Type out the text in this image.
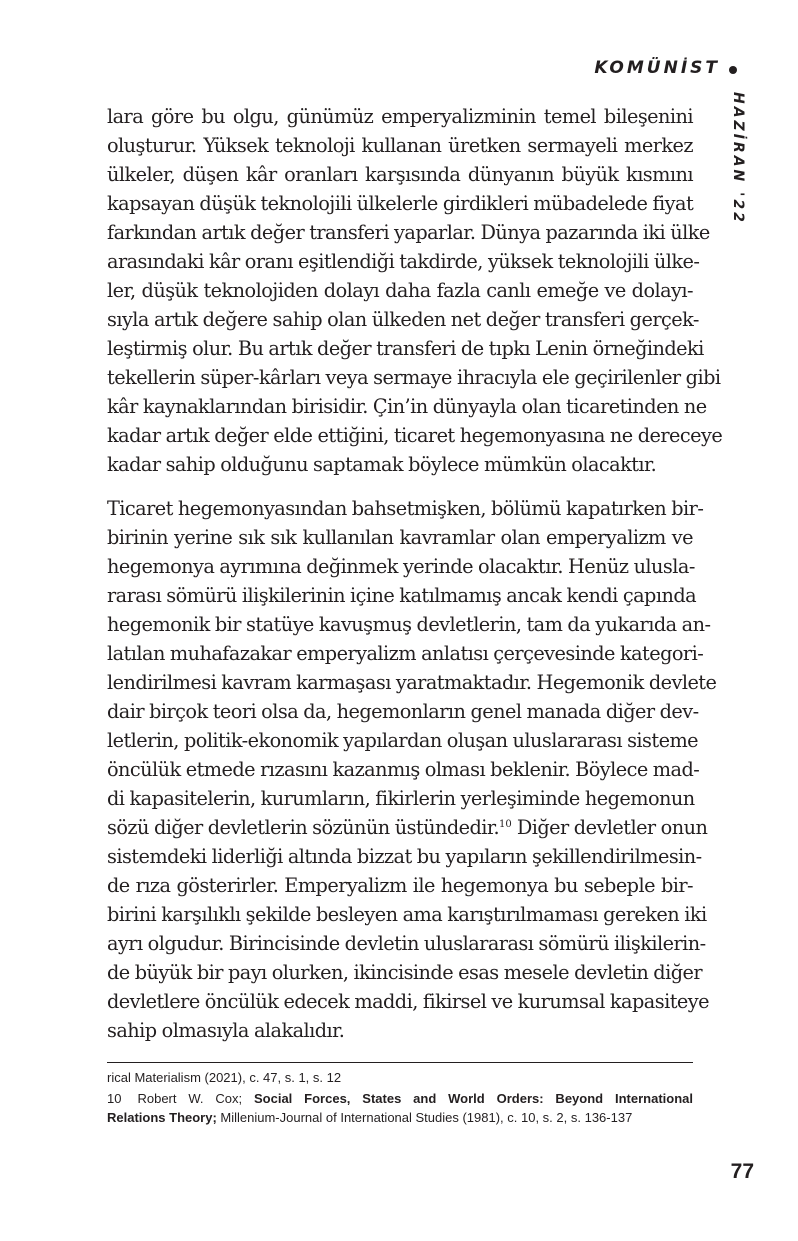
KOMÜNİST
HAZİRAN '22
lara göre bu olgu, günümüz emperyalizminin temel bileşenini
oluşturur. Yüksek teknoloji kullanan üretken sermayeli merkez
ülkeler, düşen kâr oranları karşısında dünyanın büyük kısmını
kapsayan düşük teknolojili ülkelerle girdikleri mübadelede fiyat
farkından artık değer transferi yaparlar. Dünya pazarında iki ülke
arasındaki kâr oranı eşitlendiği takdirde, yüksek teknolojili ülke-
ler, düşük teknolojiden dolayı daha fazla canlı emeğe ve dolayı-
sıyla artık değere sahip olan ülkeden net değer transferi gerçek-
leştirmiş olur. Bu artık değer transferi de tıpkı Lenin örneğindeki
tekellerin süper-kârları veya sermaye ihracıyla ele geçirilenler gibi
kâr kaynaklarından birisidir. Çin’in dünyayla olan ticaretinden ne
kadar artık değer elde ettiğini, ticaret hegemonyasına ne dereceye
kadar sahip olduğunu saptamak böylece mümkün olacaktır.
Ticaret hegemonyasından bahsetmişken, bölümü kapatırken bir-
birinin yerine sık sık kullanılan kavramlar olan emperyalizm ve
hegemonya ayrımına değinmek yerinde olacaktır. Henüz ulusla-
rarası sömürü ilişkilerinin içine katılmamış ancak kendi çapında
hegemonik bir statüye kavuşmuş devletlerin, tam da yukarıda an-
latılan muhafazakar emperyalizm anlatısı çerçevesinde kategori-
lendirilmesi kavram karmaşası yaratmaktadır. Hegemonik devlete
dair birçok teori olsa da, hegemonların genel manada diğer dev-
letlerin, politik-ekonomik yapılardan oluşan uluslararası sisteme
öncülük etmede rızasını kazanmış olması beklenir. Böylece mad-
di kapasitelerin, kurumların, fikirlerin yerleşiminde hegemonun
sözü diğer devletlerin sözünün üstündedir.$^{10}$ Diğer devletler onun
sistemdeki liderliği altında bizzat bu yapıların şekillendirilmesin-
de rıza gösterirler. Emperyalizm ile hegemonya bu sebeple bir-
birini karşılıklı şekilde besleyen ama karıştırılmaması gereken iki
ayrı olgudur. Birincisinde devletin uluslararası sömürü ilişkilerin-
de büyük bir payı olurken, ikincisinde esas mesele devletin diğer
devletlere öncülük edecek maddi, fikirsel ve kurumsal kapasiteye
sahip olmasıyla alakalıdır.
rical Materialism (2021), c. 47, s. 1, s. 12
10 Robert W. Cox; Social Forces, States and World Orders: Beyond International
Relations Theory; Millenium-Journal of International Studies (1981), c. 10, s. 2, s. 136-137
77
